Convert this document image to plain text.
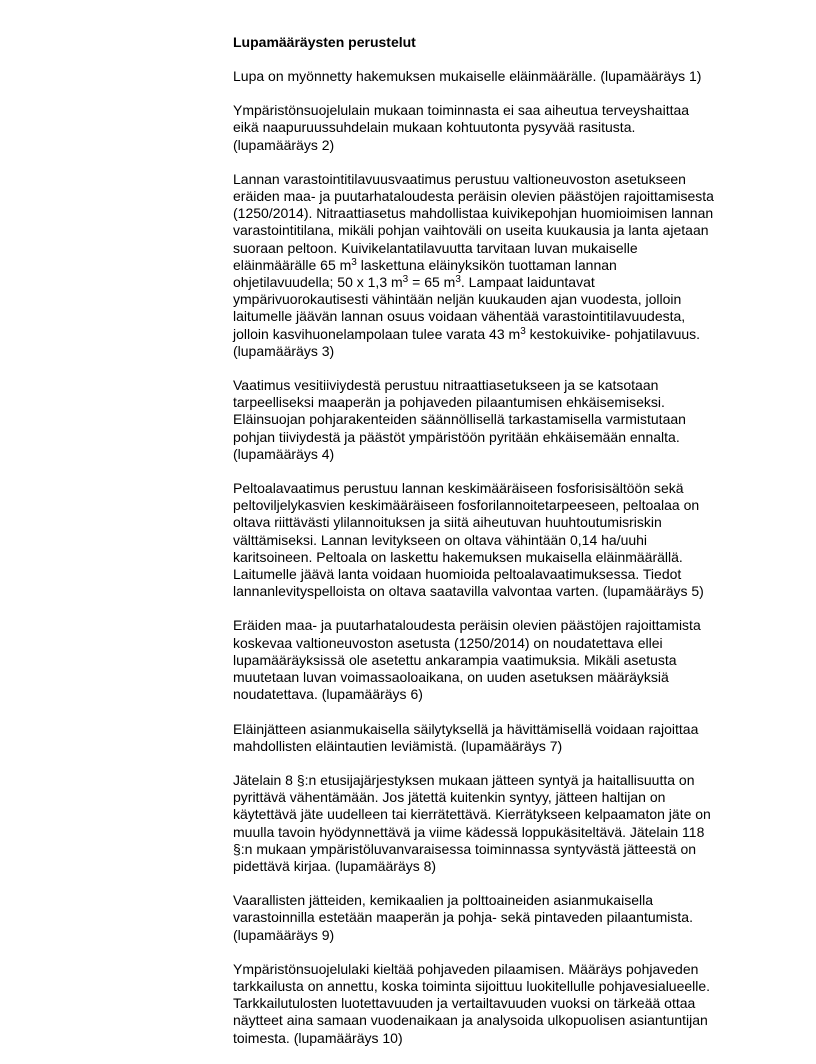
Lupamääräysten perustelut
Lupa on myönnetty hakemuksen mukaiselle eläinmäärälle. (lupamääräys 1)
Ympäristönsuojelulain mukaan toiminnasta ei saa aiheutua terveyshaittaa
eikä naapuruussuhdelain mukaan kohtuutonta pysyvää rasitusta.
(lupamääräys 2)
Lannan varastointitilavuusvaatimus perustuu valtioneuvoston asetukseen
eräiden maa- ja puutarhataloudesta peräisin olevien päästöjen rajoittamisesta
(1250/2014). Nitraattiasetus mahdollistaa kuivikepohjan huomioimisen lannan
varastointitilana, mikäli pohjan vaihtoväli on useita kuukausia ja lanta ajetaan
suoraan peltoon. Kuivikelantatilavuutta tarvitaan luvan mukaiselle
eläinmäärälle 65 $m^3$ laskettuna eläinyksikön tuottaman lannan
ohjetilavuudella; 50 x 1,3 $m^3 = 65$ $m^3$. Lampaat laiduntavat
ympärivuorokautisesti vähintään neljän kuukauden ajan vuodesta, jolloin
laitumelle jäävän lannan osuus voidaan vähentää varastointitilavuudesta,
jolloin kasvihuonelampolaan tulee varata 43 $m^3$ kestokuivike- pohjatilavuus.
(lupamääräys 3)
Vaatimus vesitiiviydestä perustuu nitraattiasetukseen ja se katsotaan
tarpeelliseksi maaperän ja pohjaveden pilaantumisen ehkäisemiseksi.
Eläinsuojan pohjarakenteiden säännöllisellä tarkastamisella varmistutaan
pohjan tiiviydestä ja päästöt ympäristöön pyritään ehkäisemään ennalta.
(lupamääräys 4)
Peltoalavaatimus perustuu lannan keskimääräiseen fosforisisältöön sekä
peltoviljelykasvien keskimääräiseen fosforilannoitetarpeeseen, peltoalaa on
oltava riittävästi ylilannoituksen ja siitä aiheutuvan huuhtoutumisriskin
välttämiseksi. Lannan levitykseen on oltava vähintään 0,14 ha/uuhi
karitsoineen. Peltoala on laskettu hakemuksen mukaisella eläinmäärällä.
Laitumelle jäävä lanta voidaan huomioida peltoalavaatimuksessa. Tiedot
lannanlevityspelloista on oltava saatavilla valvontaa varten. (lupamääräys 5)
Eräiden maa- ja puutarhataloudesta peräisin olevien päästöjen rajoittamista
koskevaa valtioneuvoston asetusta (1250/2014) on noudatettava ellei
lupamääräyksissä ole asetettu ankarampia vaatimuksia. Mikäli asetusta
muutetaan luvan voimassaoloaikana, on uuden asetuksen määräyksiä
noudatettava. (lupamääräys 6)
Eläinjätteen asianmukaisella säilytyksellä ja hävittämisellä voidaan rajoittaa
mahdollisten eläintautien leviämistä. (lupamääräys 7)
Jätelain 8 §:n etusijajärjestyksen mukaan jätteen syntyä ja haitallisuutta on
pyrittävä vähentämään. Jos jätettä kuitenkin syntyy, jätteen haltijan on
käytettävä jäte uudelleen tai kierrätettävä. Kierrätykseen kelpaamaton jäte on
muulla tavoin hyödynnettävä ja viime kädessä loppukäsiteltävä. Jätelain 118
§:n mukaan ympäristöluvanvaraisessa toiminnassa syntyvästä jätteestä on
pidettävä kirjaa. (lupamääräys 8)
Vaarallisten jätteiden, kemikaalien ja polttoaineiden asianmukaisella
varastoinnilla estetään maaperän ja pohja- sekä pintaveden pilaantumista.
(lupamääräys 9)
Ympäristönsuojelulaki kieltää pohjaveden pilaamisen. Määräys pohjaveden
tarkkailusta on annettu, koska toiminta sijoittuu luokitellulle pohjavesialueelle.
Tarkkailutulosten luotettavuuden ja vertailtavuuden vuoksi on tärkeää ottaa
näytteet aina samaan vuodenaikaan ja analysoida ulkopuolisen asiantuntijan
toimesta. (lupamääräys 10)
